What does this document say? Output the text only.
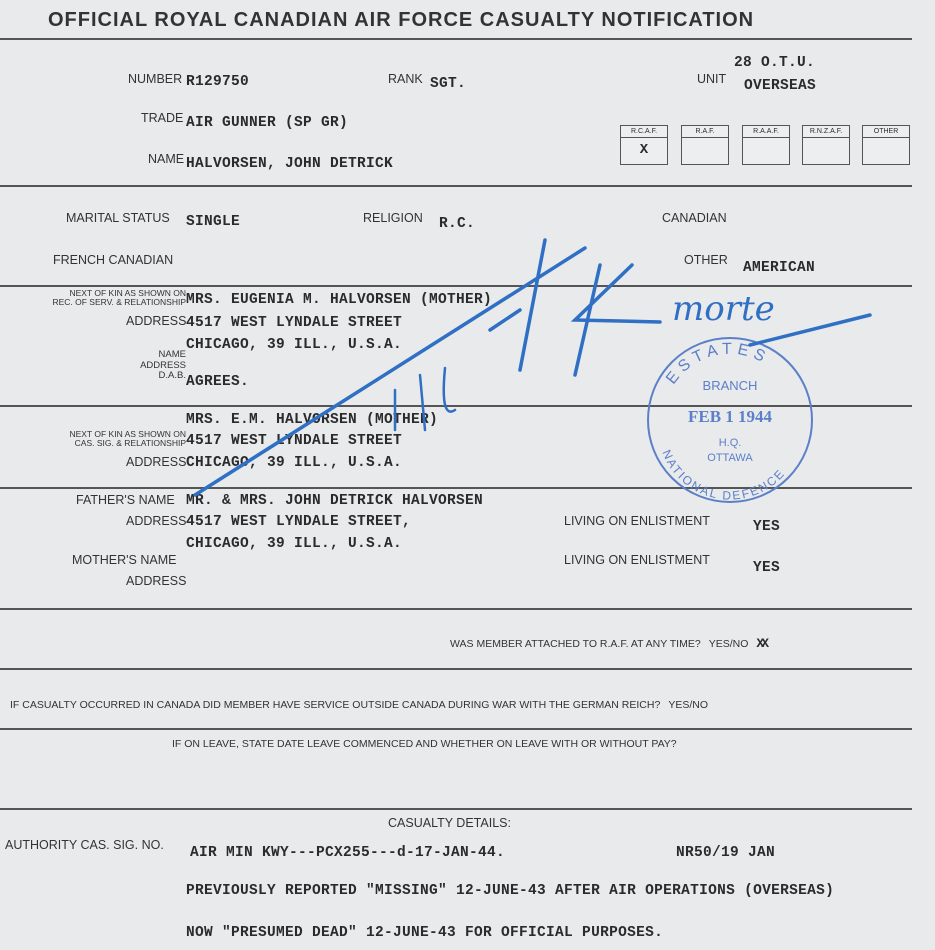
OFFICIAL ROYAL CANADIAN AIR FORCE CASUALTY NOTIFICATION
NUMBER R129750	RANK SGT.	UNIT
28 O.T.U.
OVERSEAS
TRADE AIR GUNNER (SP GR)
NAME HALVORSEN, JOHN DETRICK
R.C.A.F.
X
R.A.F.	R.A.A.F.	R.N.Z.A.F.	OTHER
MARITAL STATUS SINGLE	RELIGION R.C.	CANADIAN
FRENCH CANADIAN	OTHER AMERICAN
NEXT OF KIN AS SHOWN ON
REC. OF SERV. & RELATIONSHIP MRS. EUGENIA M. HALVORSEN (MOTHER)
ADDRESS 4517 WEST LYNDALE STREET
CHICAGO, 39 ILL., U.S.A.
NAME
ADDRESS
D.A.B. AGREES.
MRS. E.M. HALVORSEN (MOTHER)
NEXT OF KIN AS SHOWN ON
CAS. SIG. & RELATIONSHIP 4517 WEST LYNDALE STREET
ADDRESS CHICAGO, 39 ILL., U.S.A.
FATHER'S NAME MR. & MRS. JOHN DETRICK HALVORSEN
ADDRESS 4517 WEST LYNDALE STREET,
CHICAGO, 39 ILL., U.S.A.
LIVING ON ENLISTMENT	YES
MOTHER'S NAME
ADDRESS
LIVING ON ENLISTMENT	YES
WAS MEMBER ATTACHED TO R.A.F. AT ANY TIME? YES/NO XX
IF CASUALTY OCCURRED IN CANADA DID MEMBER HAVE SERVICE OUTSIDE CANADA DURING WAR WITH THE GERMAN REICH? YES/NO
IF ON LEAVE, STATE DATE LEAVE COMMENCED AND WHETHER ON LEAVE WITH OR WITHOUT PAY?
CASUALTY DETAILS:
AUTHORITY CAS. SIG. NO. AIR MIN KWY---PCX255---d-17-JAN-44.	NR50/19 JAN
PREVIOUSLY REPORTED "MISSING" 12-JUNE-43 AFTER AIR OPERATIONS (OVERSEAS)
NOW "PRESUMED DEAD" 12-JUNE-43 FOR OFFICIAL PURPOSES.
ESTATES
NATIONAL DEFENCE
BRANCH
FEB 1 1944
H.Q.
OTTAWA
morte
